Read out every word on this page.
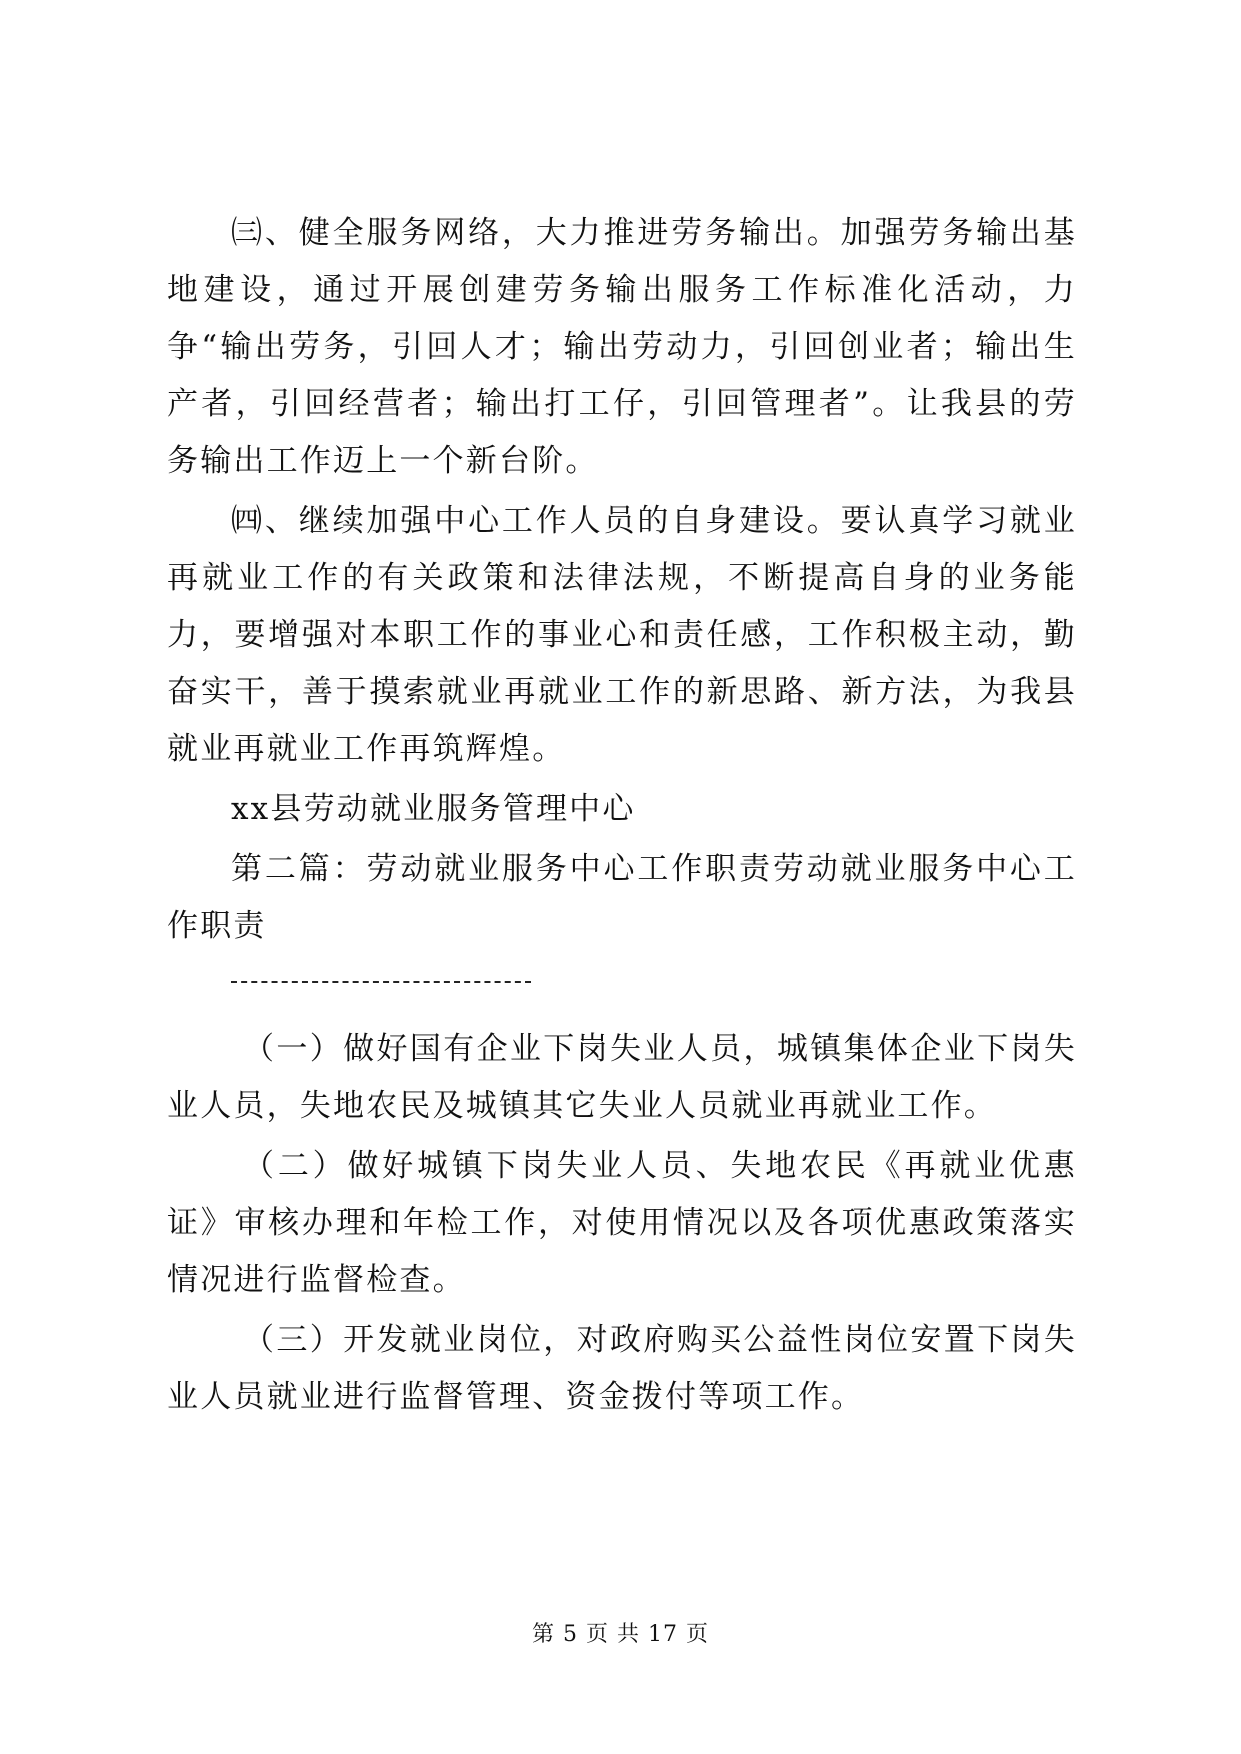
㈢、健全服务网络，大力推进劳务输出。加强劳务输出基地建设，通过开展创建劳务输出服务工作标准化活动，力争“输出劳务，引回人才；输出劳动力，引回创业者；输出生产者，引回经营者；输出打工仔，引回管理者”。让我县的劳务输出工作迈上一个新台阶。

㈣、继续加强中心工作人员的自身建设。要认真学习就业再就业工作的有关政策和法律法规，不断提高自身的业务能力，要增强对本职工作的事业心和责任感，工作积极主动，勤奋实干，善于摸索就业再就业工作的新思路、新方法，为我县就业再就业工作再筑辉煌。

xx县劳动就业服务管理中心

第二篇：劳动就业服务中心工作职责劳动就业服务中心工作职责

（一）做好国有企业下岗失业人员，城镇集体企业下岗失业人员，失地农民及城镇其它失业人员就业再就业工作。

（二）做好城镇下岗失业人员、失地农民《再就业优惠证》审核办理和年检工作，对使用情况以及各项优惠政策落实情况进行监督检查。

（三）开发就业岗位，对政府购买公益性岗位安置下岗失业人员就业进行监督管理、资金拨付等项工作。

第 5 页 共 17 页
